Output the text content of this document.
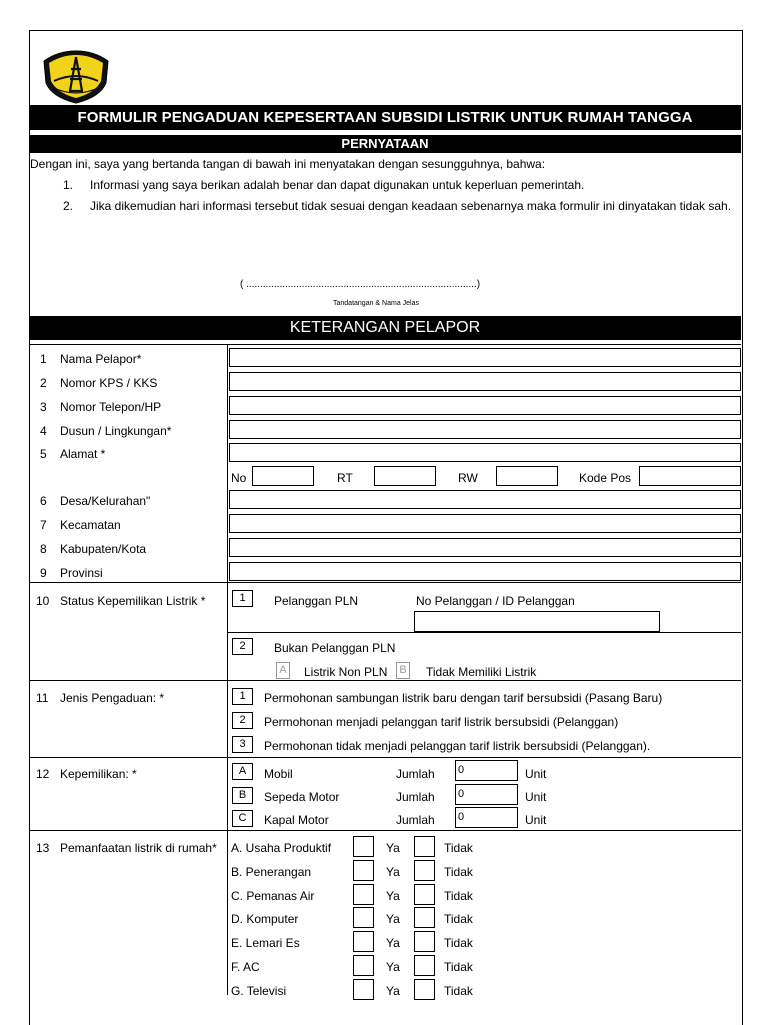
FORMULIR PENGADUAN KEPESERTAAN SUBSIDI LISTRIK UNTUK RUMAH TANGGA
PERNYATAAN
Dengan ini, saya yang bertanda tangan di bawah ini menyatakan dengan sesungguhnya, bahwa:
1. Informasi yang saya berikan adalah benar dan dapat digunakan untuk keperluan pemerintah.
2. Jika dikemudian hari informasi tersebut tidak sesuai dengan keadaan sebenarnya maka formulir ini dinyatakan tidak sah.
( ...................................................................................)
Tandatangan & Nama Jelas
KETERANGAN PELAPOR
1 Nama Pelapor*
2 Nomor KPS / KKS
3 Nomor Telepon/HP
4 Dusun / Lingkungan*
5 Alamat *
No	RT	RW	Kode Pos
6 Desa/Kelurahan"
7 Kecamatan
8 Kabupaten/Kota
9 Provinsi
10 Status Kepemilikan Listrik *	1	Pelanggan PLN	No Pelanggan / ID Pelanggan
2	Bukan Pelanggan PLN
A Listrik Non PLN	B Tidak Memiliki Listrik
11 Jenis Pengaduan: *	1	Permohonan sambungan listrik baru dengan tarif bersubsidi (Pasang Baru)
2	Permohonan menjadi pelanggan tarif listrik bersubsidi (Pelanggan)
3	Permohonan tidak menjadi pelanggan tarif listrik bersubsidi (Pelanggan).
12 Kepemilikan: *	A	Mobil	Jumlah 0	Unit
B	Sepeda Motor	Jumlah 0	Unit
C	Kapal Motor	Jumlah 0	Unit
13 Pemanfaatan listrik di rumah* A. Usaha Produktif	Ya	Tidak
B. Penerangan	Ya	Tidak
C. Pemanas Air	Ya	Tidak
D. Komputer	Ya	Tidak
E. Lemari Es	Ya	Tidak
F. AC	Ya	Tidak
G. Televisi	Ya	Tidak
